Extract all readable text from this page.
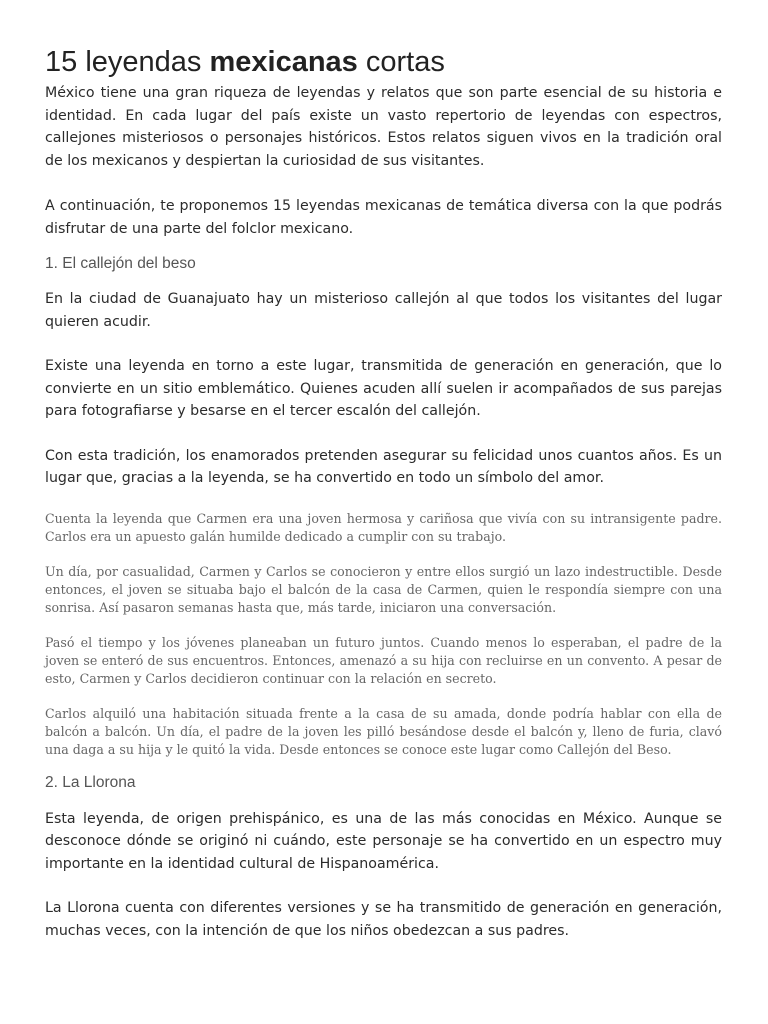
15 leyendas mexicanas cortas

México tiene una gran riqueza de leyendas y relatos que son parte esencial de su historia e identidad. En cada lugar del país existe un vasto repertorio de leyendas con espectros, callejones misteriosos o personajes históricos. Estos relatos siguen vivos en la tradición oral de los mexicanos y despiertan la curiosidad de sus visitantes.

A continuación, te proponemos 15 leyendas mexicanas de temática diversa con la que podrás disfrutar de una parte del folclor mexicano.

1. El callejón del beso

En la ciudad de Guanajuato hay un misterioso callejón al que todos los visitantes del lugar quieren acudir.

Existe una leyenda en torno a este lugar, transmitida de generación en generación, que lo convierte en un sitio emblemático. Quienes acuden allí suelen ir acompañados de sus parejas para fotografiarse y besarse en el tercer escalón del callejón.

Con esta tradición, los enamorados pretenden asegurar su felicidad unos cuantos años. Es un lugar que, gracias a la leyenda, se ha convertido en todo un símbolo del amor.

Cuenta la leyenda que Carmen era una joven hermosa y cariñosa que vivía con su intransigente padre. Carlos era un apuesto galán humilde dedicado a cumplir con su trabajo.

Un día, por casualidad, Carmen y Carlos se conocieron y entre ellos surgió un lazo indestructible. Desde entonces, el joven se situaba bajo el balcón de la casa de Carmen, quien le respondía siempre con una sonrisa. Así pasaron semanas hasta que, más tarde, iniciaron una conversación.

Pasó el tiempo y los jóvenes planeaban un futuro juntos. Cuando menos lo esperaban, el padre de la joven se enteró de sus encuentros. Entonces, amenazó a su hija con recluirse en un convento. A pesar de esto, Carmen y Carlos decidieron continuar con la relación en secreto.

Carlos alquiló una habitación situada frente a la casa de su amada, donde podría hablar con ella de balcón a balcón. Un día, el padre de la joven les pilló besándose desde el balcón y, lleno de furia, clavó una daga a su hija y le quitó la vida. Desde entonces se conoce este lugar como Callejón del Beso.

2. La Llorona

Esta leyenda, de origen prehispánico, es una de las más conocidas en México. Aunque se desconoce dónde se originó ni cuándo, este personaje se ha convertido en un espectro muy importante en la identidad cultural de Hispanoamérica.

La Llorona cuenta con diferentes versiones y se ha transmitido de generación en generación, muchas veces, con la intención de que los niños obedezcan a sus padres.
